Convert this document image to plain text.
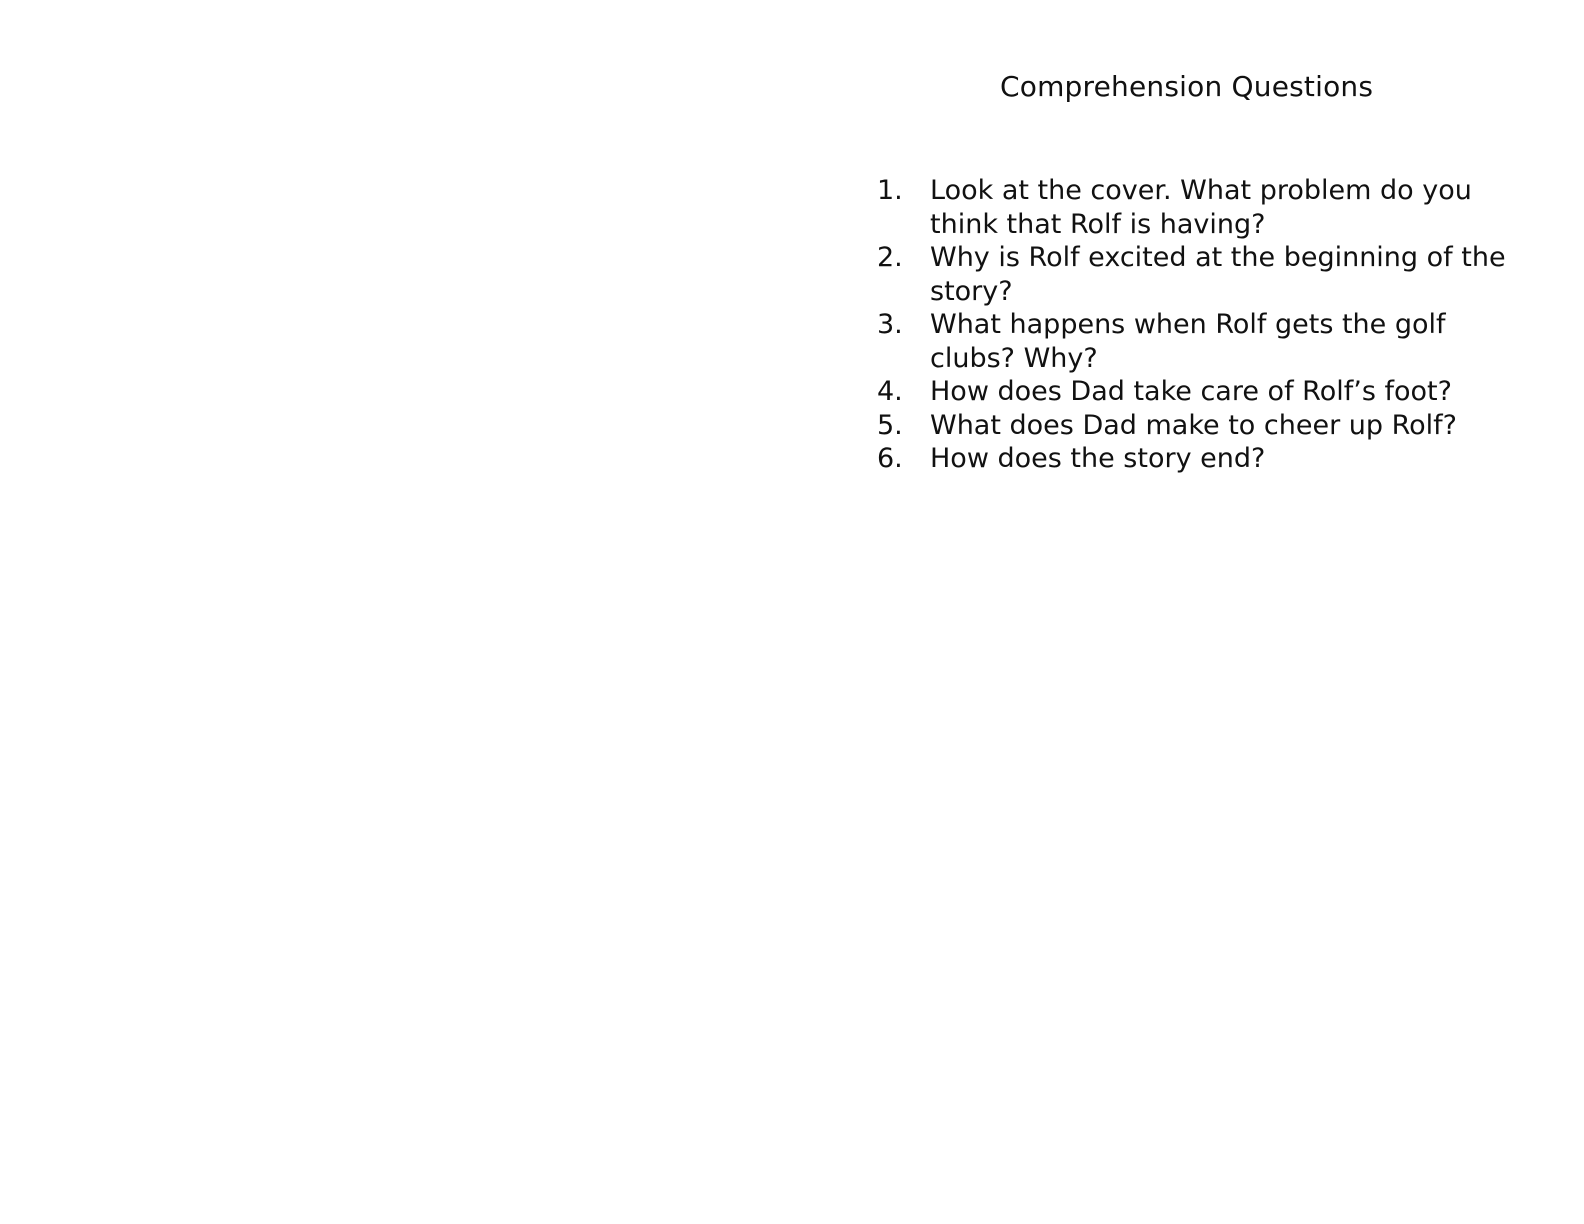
Comprehension Questions
1.	Look at the cover. What problem do you think that Rolf is having?
2.	Why is Rolf excited at the beginning of the story?
3.	What happens when Rolf gets the golf clubs? Why?
4.	How does Dad take care of Rolf’s foot?
5.	What does Dad make to cheer up Rolf?
6.	How does the story end?
